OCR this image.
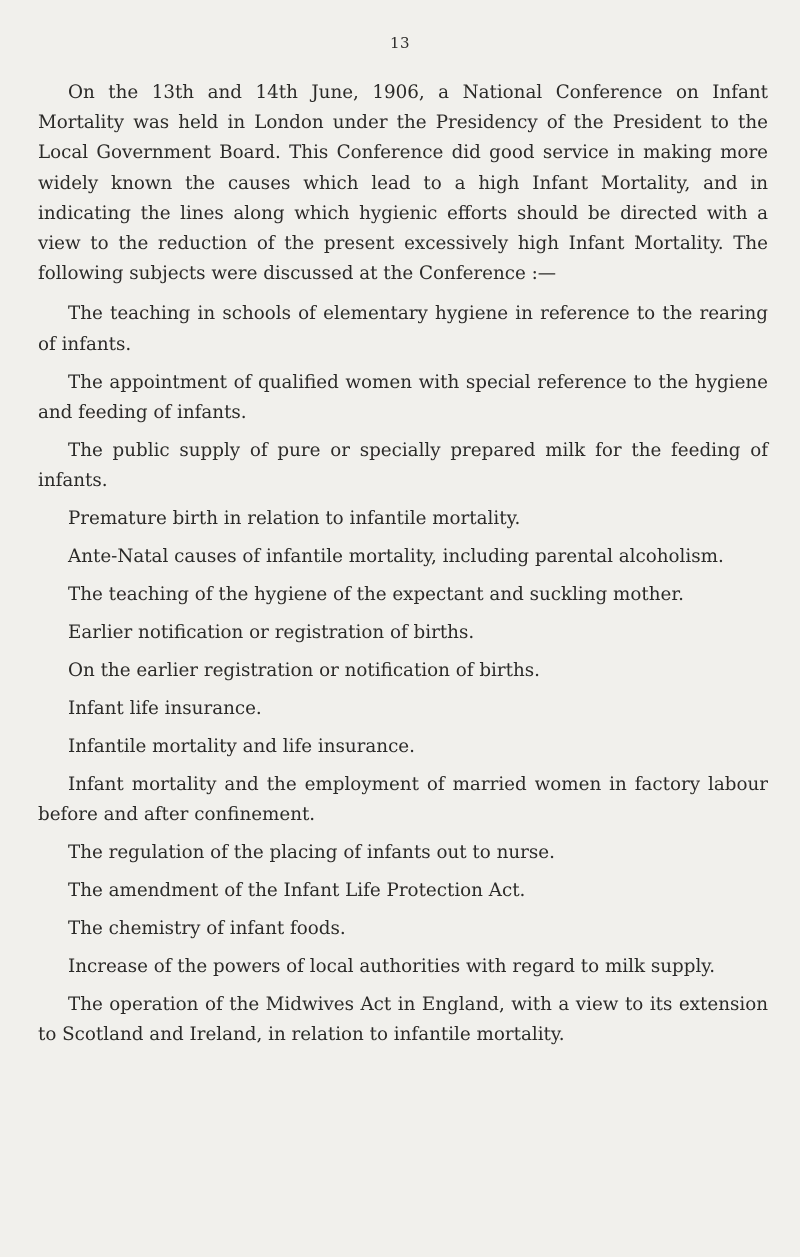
13

On the 13th and 14th June, 1906, a National Conference on Infant Mortality was held in London under the Presidency of the President to the Local Government Board. This Conference did good service in making more widely known the causes which lead to a high Infant Mortality, and in indicating the lines along which hygienic efforts should be directed with a view to the reduction of the present excessively high Infant Mortality. The following subjects were discussed at the Conference :—

The teaching in schools of elementary hygiene in reference to the rearing of infants.
The appointment of qualified women with special reference to the hygiene and feeding of infants.
The public supply of pure or specially prepared milk for the feeding of infants.
Premature birth in relation to infantile mortality.
Ante-Natal causes of infantile mortality, including parental alcoholism.
The teaching of the hygiene of the expectant and suckling mother.
Earlier notification or registration of births.
On the earlier registration or notification of births.
Infant life insurance.
Infantile mortality and life insurance.
Infant mortality and the employment of married women in factory labour before and after confinement.
The regulation of the placing of infants out to nurse.
The amendment of the Infant Life Protection Act.
The chemistry of infant foods.
Increase of the powers of local authorities with regard to milk supply.
The operation of the Midwives Act in England, with a view to its extension to Scotland and Ireland, in relation to infantile mortality.
